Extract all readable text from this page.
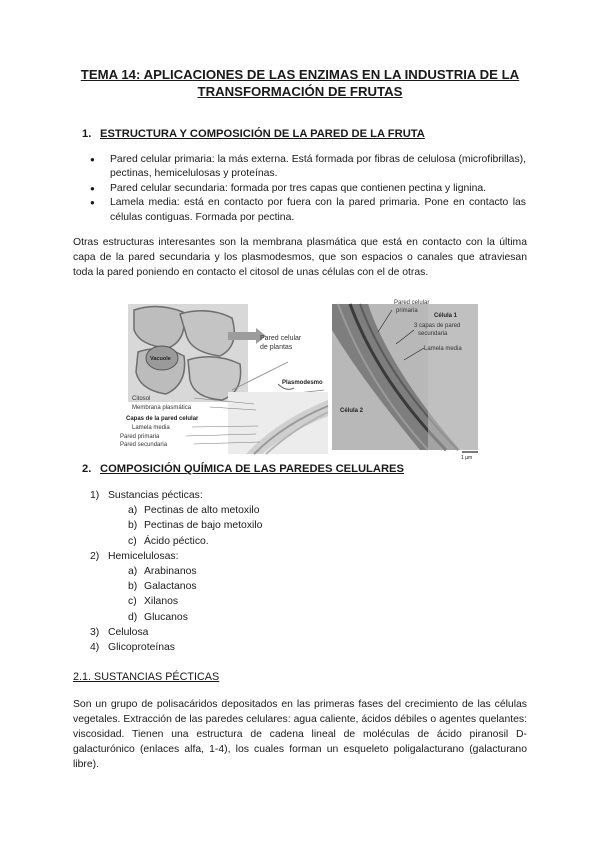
TEMA 14: APLICACIONES DE LAS ENZIMAS EN LA INDUSTRIA DE LA
TRANSFORMACIÓN DE FRUTAS
1. ESTRUCTURA Y COMPOSICIÓN DE LA PARED DE LA FRUTA
● Pared celular primaria: la más externa. Está formada por fibras de celulosa (microfibrillas), pectinas, hemicelulosas y proteínas.
● Pared celular secundaria: formada por tres capas que contienen pectina y lignina.
● Lamela media: está en contacto por fuera con la pared primaria. Pone en contacto las células contiguas. Formada por pectina.
Otras estructuras interesantes son la membrana plasmática que está en contacto con la última capa de la pared secundaria y los plasmodesmos, que son espacios o canales que atraviesan toda la pared poniendo en contacto el citosol de unas células con el de otras.
Vacuole
Pared celular
de plantas
Plasmodesmo
Citosol
Membrana plasmática
Capas de la pared celular
Lamela media
Pared primaria
Pared secundaria
Pared celular
primaria
Célula 1
3 capas de pared
secundaria
Lamela media
Célula 2
1 µm
2. COMPOSICIÓN QUÍMICA DE LAS PAREDES CELULARES
1) Sustancias pécticas:
a) Pectinas de alto metoxilo
b) Pectinas de bajo metoxilo
c) Ácido péctico.
2) Hemicelulosas:
a) Arabinanos
b) Galactanos
c) Xilanos
d) Glucanos
3) Celulosa
4) Glicoproteínas
2.1. SUSTANCIAS PÉCTICAS
Son un grupo de polisacáridos depositados en las primeras fases del crecimiento de las células vegetales. Extracción de las paredes celulares: agua caliente, ácidos débiles o agentes quelantes: viscosidad. Tienen una estructura de cadena lineal de moléculas de ácido piranosil D-galacturónico (enlaces alfa, 1-4), los cuales forman un esqueleto poligalacturano (galacturano libre).
